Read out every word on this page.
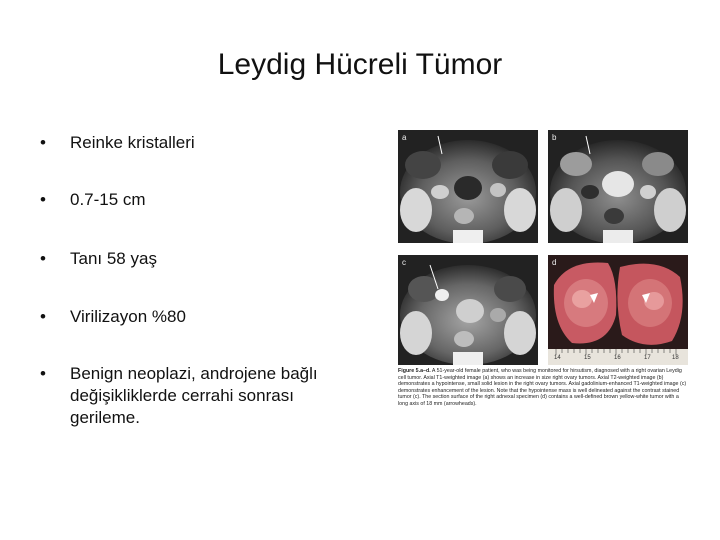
Leydig Hücreli Tümor
• Reinke kristalleri
• 0.7-15 cm
• Tanı 58 yaş
• Virilizayon %80
• Benign neoplazi, androjene bağlı değişikliklerde cerrahi sonrası gerileme.
a	b
c	d
14	15	16	17	18
Figure 5.a–d. A 51-year-old female patient, who was being monitored for hirsutism, diagnosed with a right ovarian Leydig cell tumor. Axial T1-weighted image (a) shows an increase in size right ovary tumors. Axial T2-weighted image (b) demonstrates a hypointense, small solid lesion in the right ovary tumors. Axial gadolinium-enhanced T1-weighted image (c) demonstrates enhancement of the lesion. Note that the hypointense mass is well delineated against the contrast stained tumor (c). The section surface of the right adnexal specimen (d) contains a well-defined brown yellow-white tumor with a long axis of 18 mm (arrowheads).
